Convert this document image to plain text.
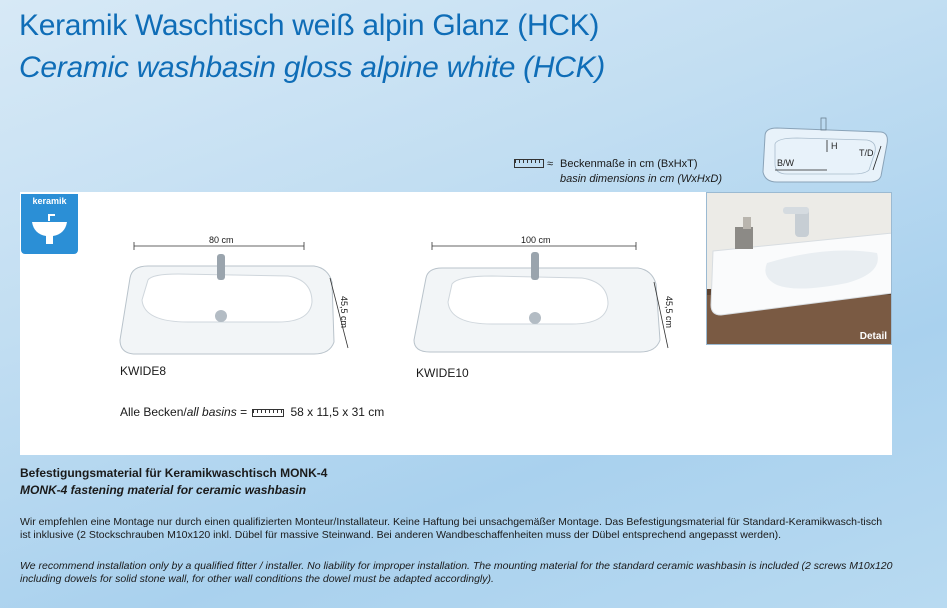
Keramik Waschtisch weiß alpin Glanz (HCK)
Ceramic washbasin gloss alpine white (HCK)
≈ Beckenmaße in cm (BxHxT)
basin dimensions in cm (WxHxD)
H
T/D
B/W
keramik
80 cm
45,5 cm
KWIDE8
100 cm
45,5 cm
KWIDE10
Detail
Alle Becken/all basins =	58 x 11,5 x 31 cm
Befestigungsmaterial für Keramikwaschtisch MONK-4
MONK-4 fastening material for ceramic washbasin
Wir empfehlen eine Montage nur durch einen qualifizierten Monteur/Installateur. Keine Haftung bei unsachgemäßer Montage. Das Befestigungsmaterial für Standard-Keramikwasch-tisch ist inklusive (2 Stockschrauben M10x120 inkl. Dübel für massive Steinwand. Bei anderen Wandbeschaffenheiten muss der Dübel entsprechend angepasst werden).
We recommend installation only by a qualified fitter / installer. No liability for improper installation. The mounting material for the standard ceramic washbasin is included (2 screws M10x120 including dowels for solid stone wall, for other wall conditions the dowel must be adapted accordingly).
